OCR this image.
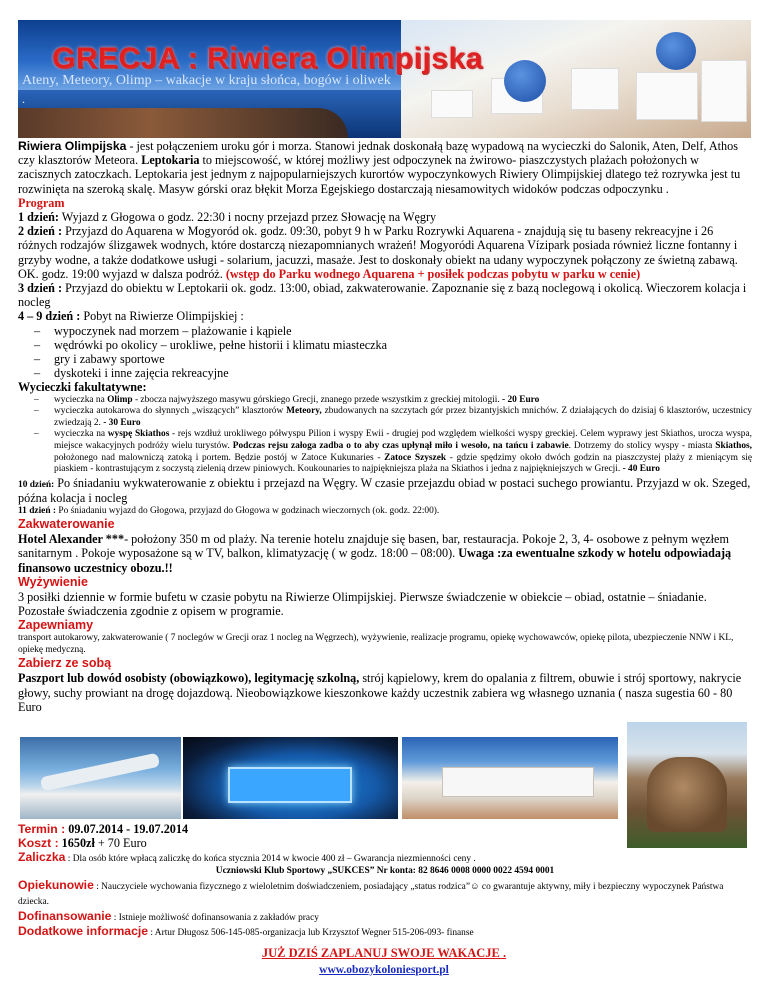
GRECJA : Riwiera Olimpijska
Ateny, Meteory, Olimp – wakacje w kraju słońca, bogów i oliwek
.

Riwiera Olimpijska - jest połączeniem uroku gór i morza. Stanowi jednak doskonałą bazę wypadową na wycieczki do Salonik, Aten, Delf, Athos czy klasztorów Meteora. Leptokaria to miejscowość, w której możliwy jest odpoczynek na żwirowo- piaszczystych plażach położonych w zacisznych zatoczkach. Leptokaria jest jednym z najpopularniejszych kurortów wypoczynkowych Riwiery Olimpijskiej dlatego też rozrywka jest tu rozwinięta na szeroką skalę. Masyw górski oraz błękit Morza Egejskiego dostarczają niesamowitych widoków podczas odpoczynku .

Program

1 dzień: Wyjazd z Głogowa o godz. 22:30 i nocny przejazd przez Słowację na Węgry

2 dzień : Przyjazd do Aquarena w Mogyoród ok. godz. 09:30, pobyt 9 h w Parku Rozrywki Aquarena - znajdują się tu baseny rekreacyjne i 26 różnych rodzajów ślizgawek wodnych, które dostarczą niezapomnianych wrażeń! Mogyoródi Aquarena Vízipark posiada również liczne fontanny i grzyby wodne, a także dodatkowe usługi - solarium, jacuzzi, masaże. Jest to doskonały obiekt na udany wypoczynek połączony ze świetną zabawą. OK. godz. 19:00 wyjazd w dalsza podróż. (wstęp do Parku wodnego Aquarena + posiłek podczas pobytu w parku w cenie)

3 dzień : Przyjazd do obiektu w Leptokarii ok. godz. 13:00, obiad, zakwaterowanie. Zapoznanie się z bazą noclegową i okolicą. Wieczorem kolacja i nocleg

4 – 9 dzień : Pobyt na Riwierze Olimpijskiej :

– wypoczynek nad morzem – plażowanie i kąpiele
– wędrówki po okolicy – urokliwe, pełne historii i klimatu miasteczka
– gry i zabawy sportowe
– dyskoteki i inne zajęcia rekreacyjne

Wycieczki fakultatywne:

– wycieczka na Olimp - zbocza najwyższego masywu górskiego Grecji, znanego przede wszystkim z greckiej mitologii. - 20 Euro
– wycieczka autokarowa do słynnych „wiszących” klasztorów Meteory, zbudowanych na szczytach gór przez bizantyjskich mnichów. Z działających do dzisiaj 6 klasztorów, uczestnicy zwiedzają 2. - 30 Euro
– wycieczka na wyspę Skiathos - rejs wzdłuż urokliwego półwyspu Pilion i wyspy Ewii - drugiej pod względem wielkości wyspy greckiej. Celem wyprawy jest Skiathos, urocza wyspa, miejsce wakacyjnych podróży wielu turystów. Podczas rejsu załoga zadba o to aby czas upłynął miło i wesoło, na tańcu i zabawie. Dotrzemy do stolicy wyspy - miasta Skiathos, położonego nad malowniczą zatoką i portem. Będzie postój w Zatoce Kukunaries - Zatoce Szyszek - gdzie spędzimy około dwóch godzin na piaszczystej plaży z mieniącym się piaskiem - kontrastującym z soczystą zielenią drzew piniowych. Koukounaries to najpiękniejsza plaża na Skiathos i jedna z najpiękniejszych w Grecji. - 40 Euro

10 dzień: Po śniadaniu wykwaterowanie z obiektu i przejazd na Węgry. W czasie przejazdu obiad w postaci suchego prowiantu. Przyjazd w ok. Szeged, późna kolacja i nocleg

11 dzień : Po śniadaniu wyjazd do Głogowa, przyjazd do Głogowa w godzinach wieczornych (ok. godz. 22:00).

Zakwaterowanie

Hotel Alexander ***- położony 350 m od plaży. Na terenie hotelu znajduje się basen, bar, restauracja. Pokoje 2, 3, 4- osobowe z pełnym węzłem sanitarnym . Pokoje wyposażone są w TV, balkon, klimatyzację ( w godz. 18:00 – 08:00). Uwaga :za ewentualne szkody w hotelu odpowiadają finansowo uczestnicy obozu.!!

Wyżywienie

3 posiłki dziennie w formie bufetu w czasie pobytu na Riwierze Olimpijskiej. Pierwsze świadczenie w obiekcie – obiad, ostatnie – śniadanie. Pozostałe świadczenia zgodnie z opisem w programie.

Zapewniamy

transport autokarowy, zakwaterowanie ( 7 noclegów w Grecji oraz 1 nocleg na Węgrzech), wyżywienie, realizacje programu, opiekę wychowawców, opiekę pilota, ubezpieczenie NNW i KL, opiekę medyczną.

Zabierz ze sobą

Paszport lub dowód osobisty (obowiązkowo), legitymację szkolną, strój kąpielowy, krem do opalania z filtrem, obuwie i strój sportowy, nakrycie głowy, suchy prowiant na drogę dojazdową. Nieobowiązkowe kieszonkowe każdy uczestnik zabiera wg własnego uznania ( nasza sugestia 60 - 80 Euro

Termin : 09.07.2014 - 19.07.2014

Koszt : 1650zł + 70 Euro

Zaliczka : Dla osób które wpłacą zaliczkę do końca stycznia 2014 w kwocie 400 zł – Gwarancja niezmienności ceny .

Uczniowski Klub Sportowy „SUKCES” Nr konta: 82 8646 0008 0000 0022 4594 0001

Opiekunowie : Nauczyciele wychowania fizycznego z wieloletnim doświadczeniem, posiadający „status rodzica”☺ co gwarantuje aktywny, miły i bezpieczny wypoczynek Państwa dziecka.

Dofinansowanie : Istnieje możliwość dofinansowania z zakładów pracy

Dodatkowe informacje : Artur Długosz 506-145-085-organizacja lub Krzysztof Wegner 515-206-093- finanse

JUŻ DZIŚ ZAPLANUJ SWOJE WAKACJE .
www.obozykoloniesport.pl
